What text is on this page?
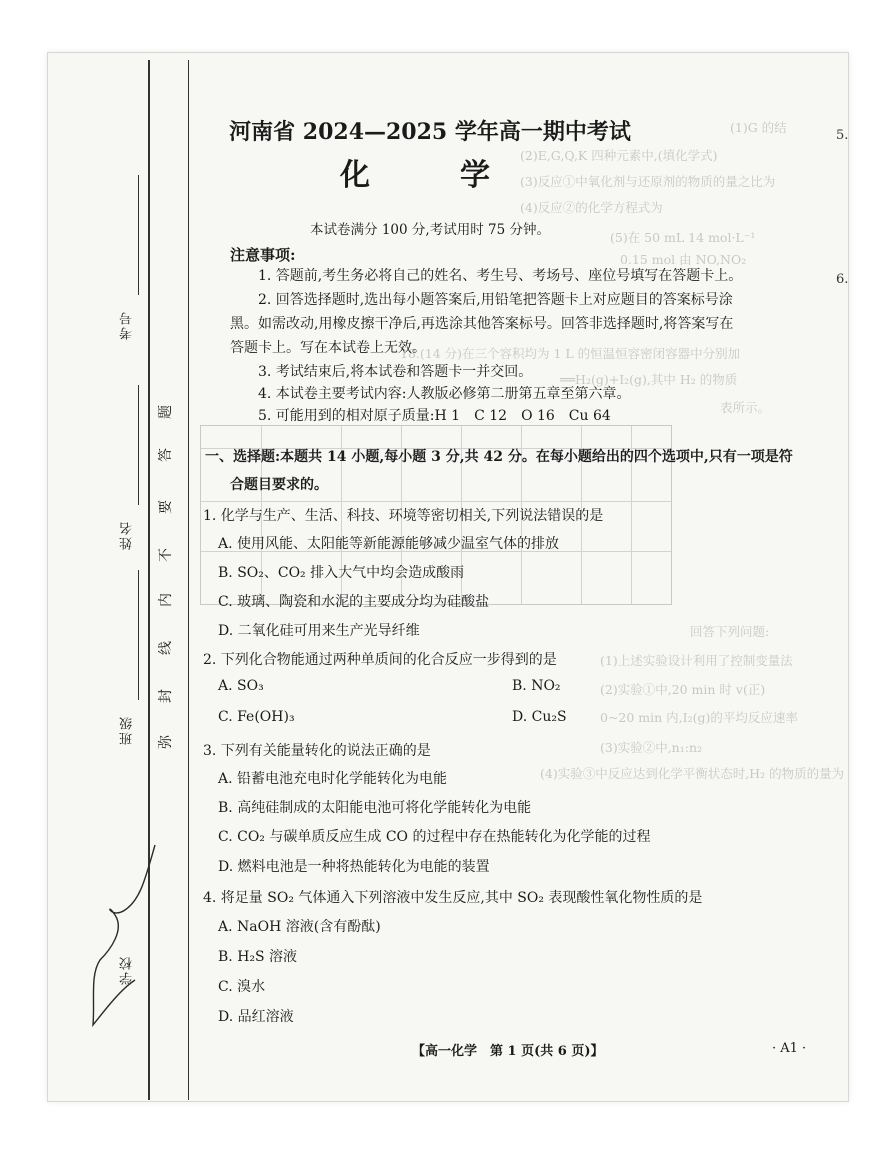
(1)G 的结
(2)E,G,Q,K 四种元素中,(填化学式)
(3)反应①中氧化剂与还原剂的物质的量之比为
(4)反应②的化学方程式为
(5)在 50 mL 14 mol·L⁻¹
0.15 mol 由 NO,NO₂
18.(14 分)在三个容积均为 1 L 的恒温恒容密闭容器中分别加
══H₂(g)+I₂(g),其中 H₂ 的物质
表所示。
回答下列问题:
(1)上述实验设计利用了控制变量法
(2)实验①中,20 min 时 v(正)
0~20 min 内,I₂(g)的平均反应速率
(3)实验②中,n₁:n₂
(4)实验③中反应达到化学平衡状态时,H₂ 的物质的量为
5.
6.
考号
姓名
班级
学校
题
答
要
不
内
线
封
弥
河南省 2024—2025 学年高一期中考试
化　学
本试卷满分 100 分,考试用时 75 分钟。
注意事项:
1. 答题前,考生务必将自己的姓名、考生号、考场号、座位号填写在答题卡上。
2. 回答选择题时,选出每小题答案后,用铅笔把答题卡上对应题目的答案标号涂
黑。如需改动,用橡皮擦干净后,再选涂其他答案标号。回答非选择题时,将答案写在
答题卡上。写在本试卷上无效。
3. 考试结束后,将本试卷和答题卡一并交回。
4. 本试卷主要考试内容:人教版必修第二册第五章至第六章。
5. 可能用到的相对原子质量:H 1　C 12　O 16　Cu 64
一、选择题:本题共 14 小题,每小题 3 分,共 42 分。在每小题给出的四个选项中,只有一项是符
合题目要求的。
1. 化学与生产、生活、科技、环境等密切相关,下列说法错误的是
A. 使用风能、太阳能等新能源能够减少温室气体的排放
B. SO₂、CO₂ 排入大气中均会造成酸雨
C. 玻璃、陶瓷和水泥的主要成分均为硅酸盐
D. 二氧化硅可用来生产光导纤维
2. 下列化合物能通过两种单质间的化合反应一步得到的是
A. SO₃	B. NO₂
C. Fe(OH)₃	D. Cu₂S
3. 下列有关能量转化的说法正确的是
A. 铅蓄电池充电时化学能转化为电能
B. 高纯硅制成的太阳能电池可将化学能转化为电能
C. CO₂ 与碳单质反应生成 CO 的过程中存在热能转化为化学能的过程
D. 燃料电池是一种将热能转化为电能的装置
4. 将足量 SO₂ 气体通入下列溶液中发生反应,其中 SO₂ 表现酸性氧化物性质的是
A. NaOH 溶液(含有酚酞)
B. H₂S 溶液
C. 溴水
D. 品红溶液
【高一化学　第 1 页(共 6 页)】	· A1 ·
